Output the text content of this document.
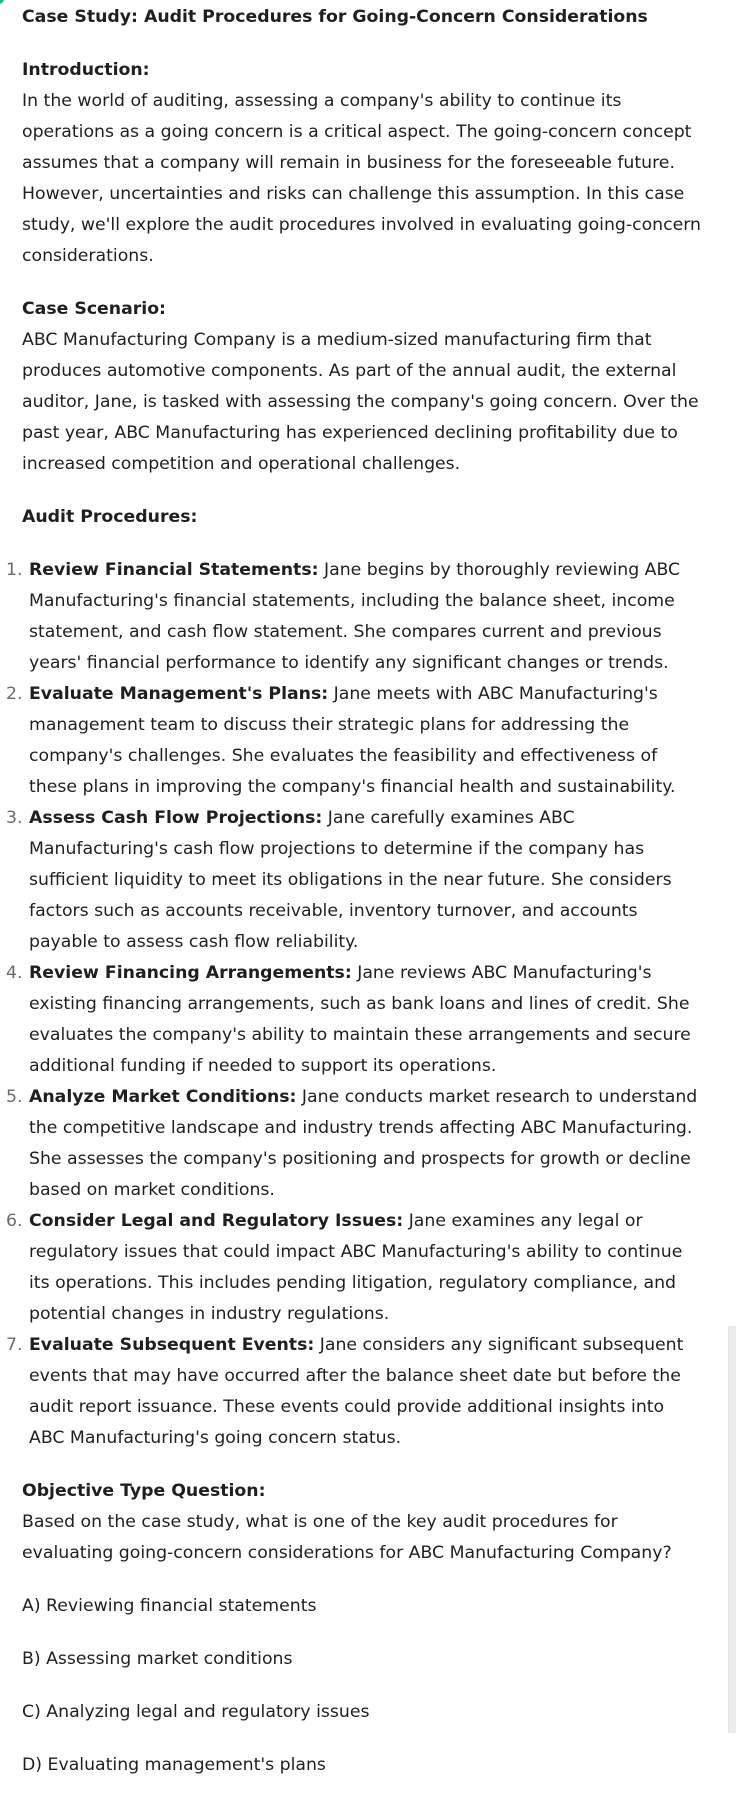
Case Study: Audit Procedures for Going-Concern Considerations

Introduction:

In the world of auditing, assessing a company's ability to continue its operations as a going concern is a critical aspect. The going-concern concept assumes that a company will remain in business for the foreseeable future. However, uncertainties and risks can challenge this assumption. In this case study, we'll explore the audit procedures involved in evaluating going-concern considerations.

Case Scenario:

ABC Manufacturing Company is a medium-sized manufacturing firm that produces automotive components. As part of the annual audit, the external auditor, Jane, is tasked with assessing the company's going concern. Over the past year, ABC Manufacturing has experienced declining profitability due to increased competition and operational challenges.

Audit Procedures:

1. Review Financial Statements: Jane begins by thoroughly reviewing ABC Manufacturing's financial statements, including the balance sheet, income statement, and cash flow statement. She compares current and previous years' financial performance to identify any significant changes or trends.
2. Evaluate Management's Plans: Jane meets with ABC Manufacturing's management team to discuss their strategic plans for addressing the company's challenges. She evaluates the feasibility and effectiveness of these plans in improving the company's financial health and sustainability.
3. Assess Cash Flow Projections: Jane carefully examines ABC Manufacturing's cash flow projections to determine if the company has sufficient liquidity to meet its obligations in the near future. She considers factors such as accounts receivable, inventory turnover, and accounts payable to assess cash flow reliability.
4. Review Financing Arrangements: Jane reviews ABC Manufacturing's existing financing arrangements, such as bank loans and lines of credit. She evaluates the company's ability to maintain these arrangements and secure additional funding if needed to support its operations.
5. Analyze Market Conditions: Jane conducts market research to understand the competitive landscape and industry trends affecting ABC Manufacturing. She assesses the company's positioning and prospects for growth or decline based on market conditions.
6. Consider Legal and Regulatory Issues: Jane examines any legal or regulatory issues that could impact ABC Manufacturing's ability to continue its operations. This includes pending litigation, regulatory compliance, and potential changes in industry regulations.
7. Evaluate Subsequent Events: Jane considers any significant subsequent events that may have occurred after the balance sheet date but before the audit report issuance. These events could provide additional insights into ABC Manufacturing's going concern status.

Objective Type Question:

Based on the case study, what is one of the key audit procedures for evaluating going-concern considerations for ABC Manufacturing Company?

A) Reviewing financial statements

B) Assessing market conditions

C) Analyzing legal and regulatory issues

D) Evaluating management's plans
